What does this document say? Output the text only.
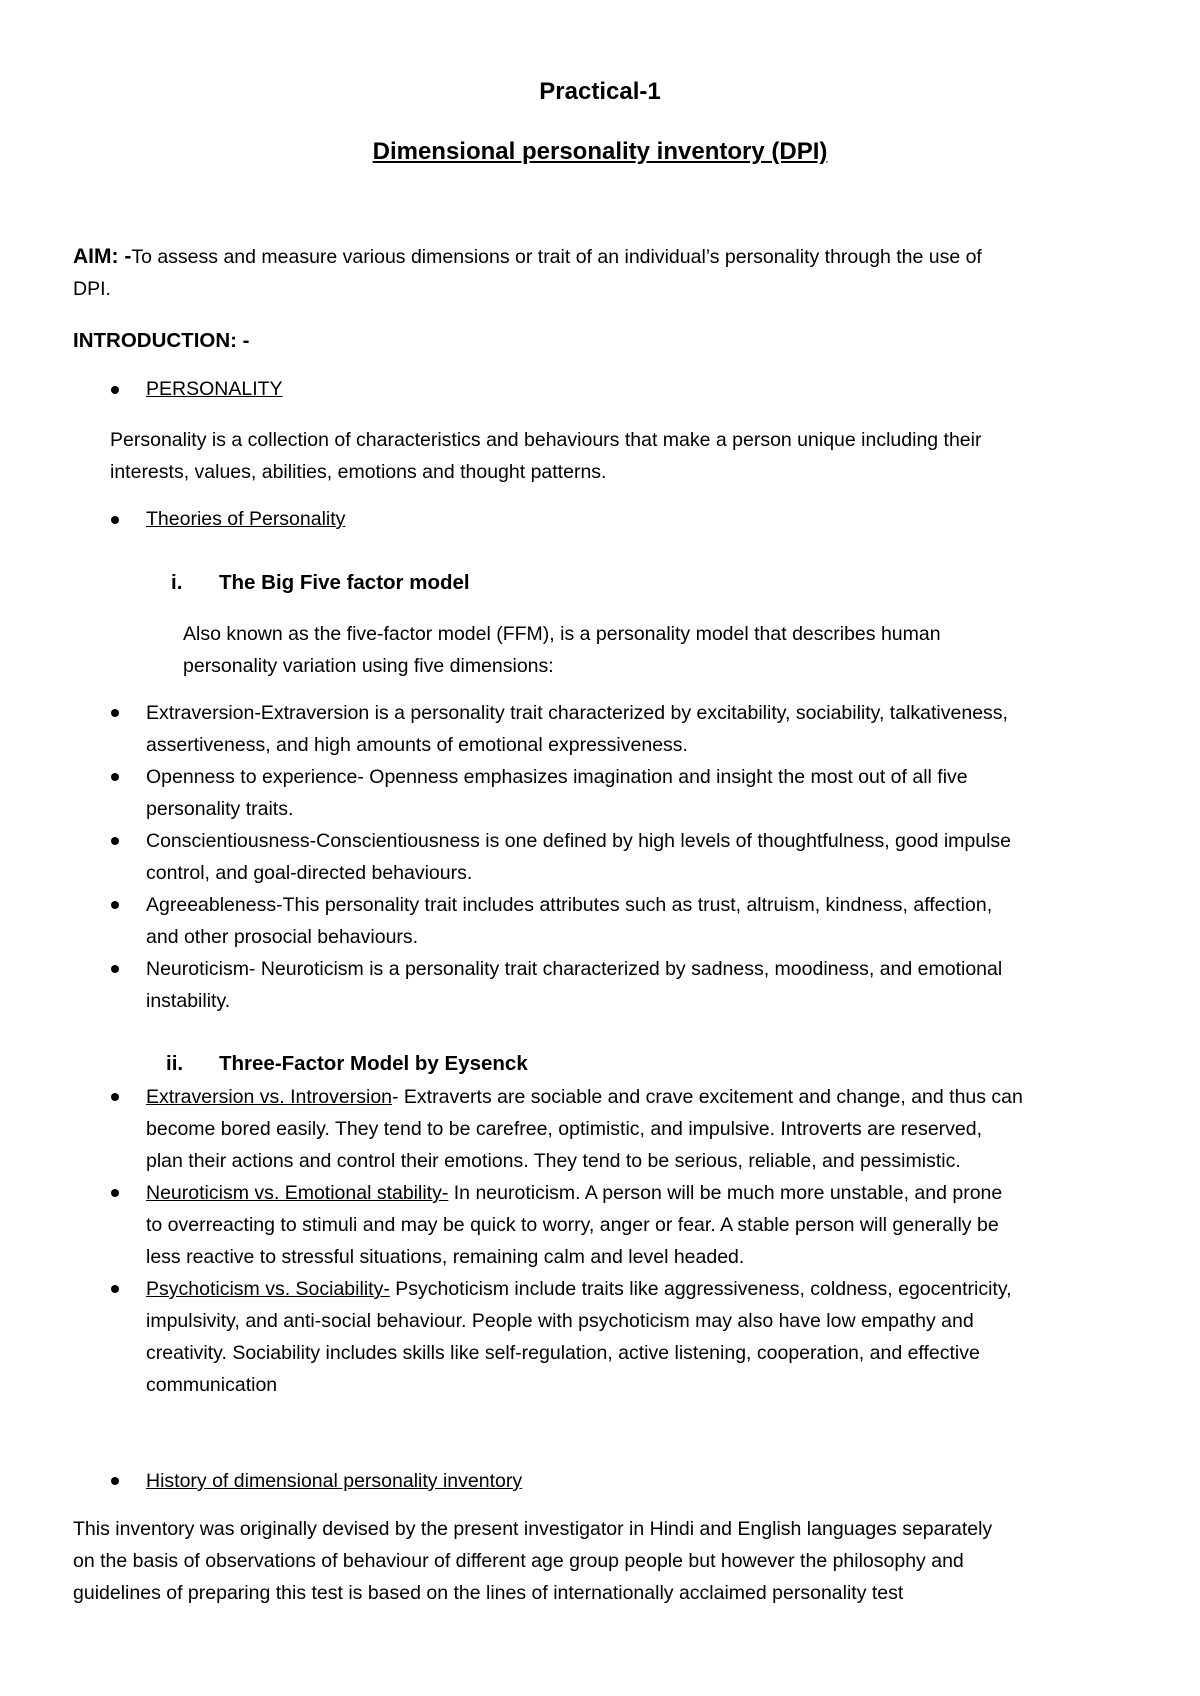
Practical-1
Dimensional personality inventory (DPI)
AIM: -To assess and measure various dimensions or trait of an individual’s personality through the use of
DPI.
INTRODUCTION: -
PERSONALITY
Personality is a collection of characteristics and behaviours that make a person unique including their
interests, values, abilities, emotions and thought patterns.
Theories of Personality
i. The Big Five factor model
Also known as the five-factor model (FFM), is a personality model that describes human
personality variation using five dimensions:
Extraversion-Extraversion is a personality trait characterized by excitability, sociability, talkativeness,
assertiveness, and high amounts of emotional expressiveness.
Openness to experience- Openness emphasizes imagination and insight the most out of all five
personality traits.
Conscientiousness-Conscientiousness is one defined by high levels of thoughtfulness, good impulse
control, and goal-directed behaviours.
Agreeableness-This personality trait includes attributes such as trust, altruism, kindness, affection,
and other prosocial behaviours.
Neuroticism- Neuroticism is a personality trait characterized by sadness, moodiness, and emotional
instability.
ii. Three-Factor Model by Eysenck
Extraversion vs. Introversion- Extraverts are sociable and crave excitement and change, and thus can
become bored easily. They tend to be carefree, optimistic, and impulsive. Introverts are reserved,
plan their actions and control their emotions. They tend to be serious, reliable, and pessimistic.
Neuroticism vs. Emotional stability- In neuroticism. A person will be much more unstable, and prone
to overreacting to stimuli and may be quick to worry, anger or fear. A stable person will generally be
less reactive to stressful situations, remaining calm and level headed.
Psychoticism vs. Sociability- Psychoticism include traits like aggressiveness, coldness, egocentricity,
impulsivity, and anti-social behaviour. People with psychoticism may also have low empathy and
creativity. Sociability includes skills like self-regulation, active listening, cooperation, and effective
communication
History of dimensional personality inventory
This inventory was originally devised by the present investigator in Hindi and English languages separately
on the basis of observations of behaviour of different age group people but however the philosophy and
guidelines of preparing this test is based on the lines of internationally acclaimed personality test
